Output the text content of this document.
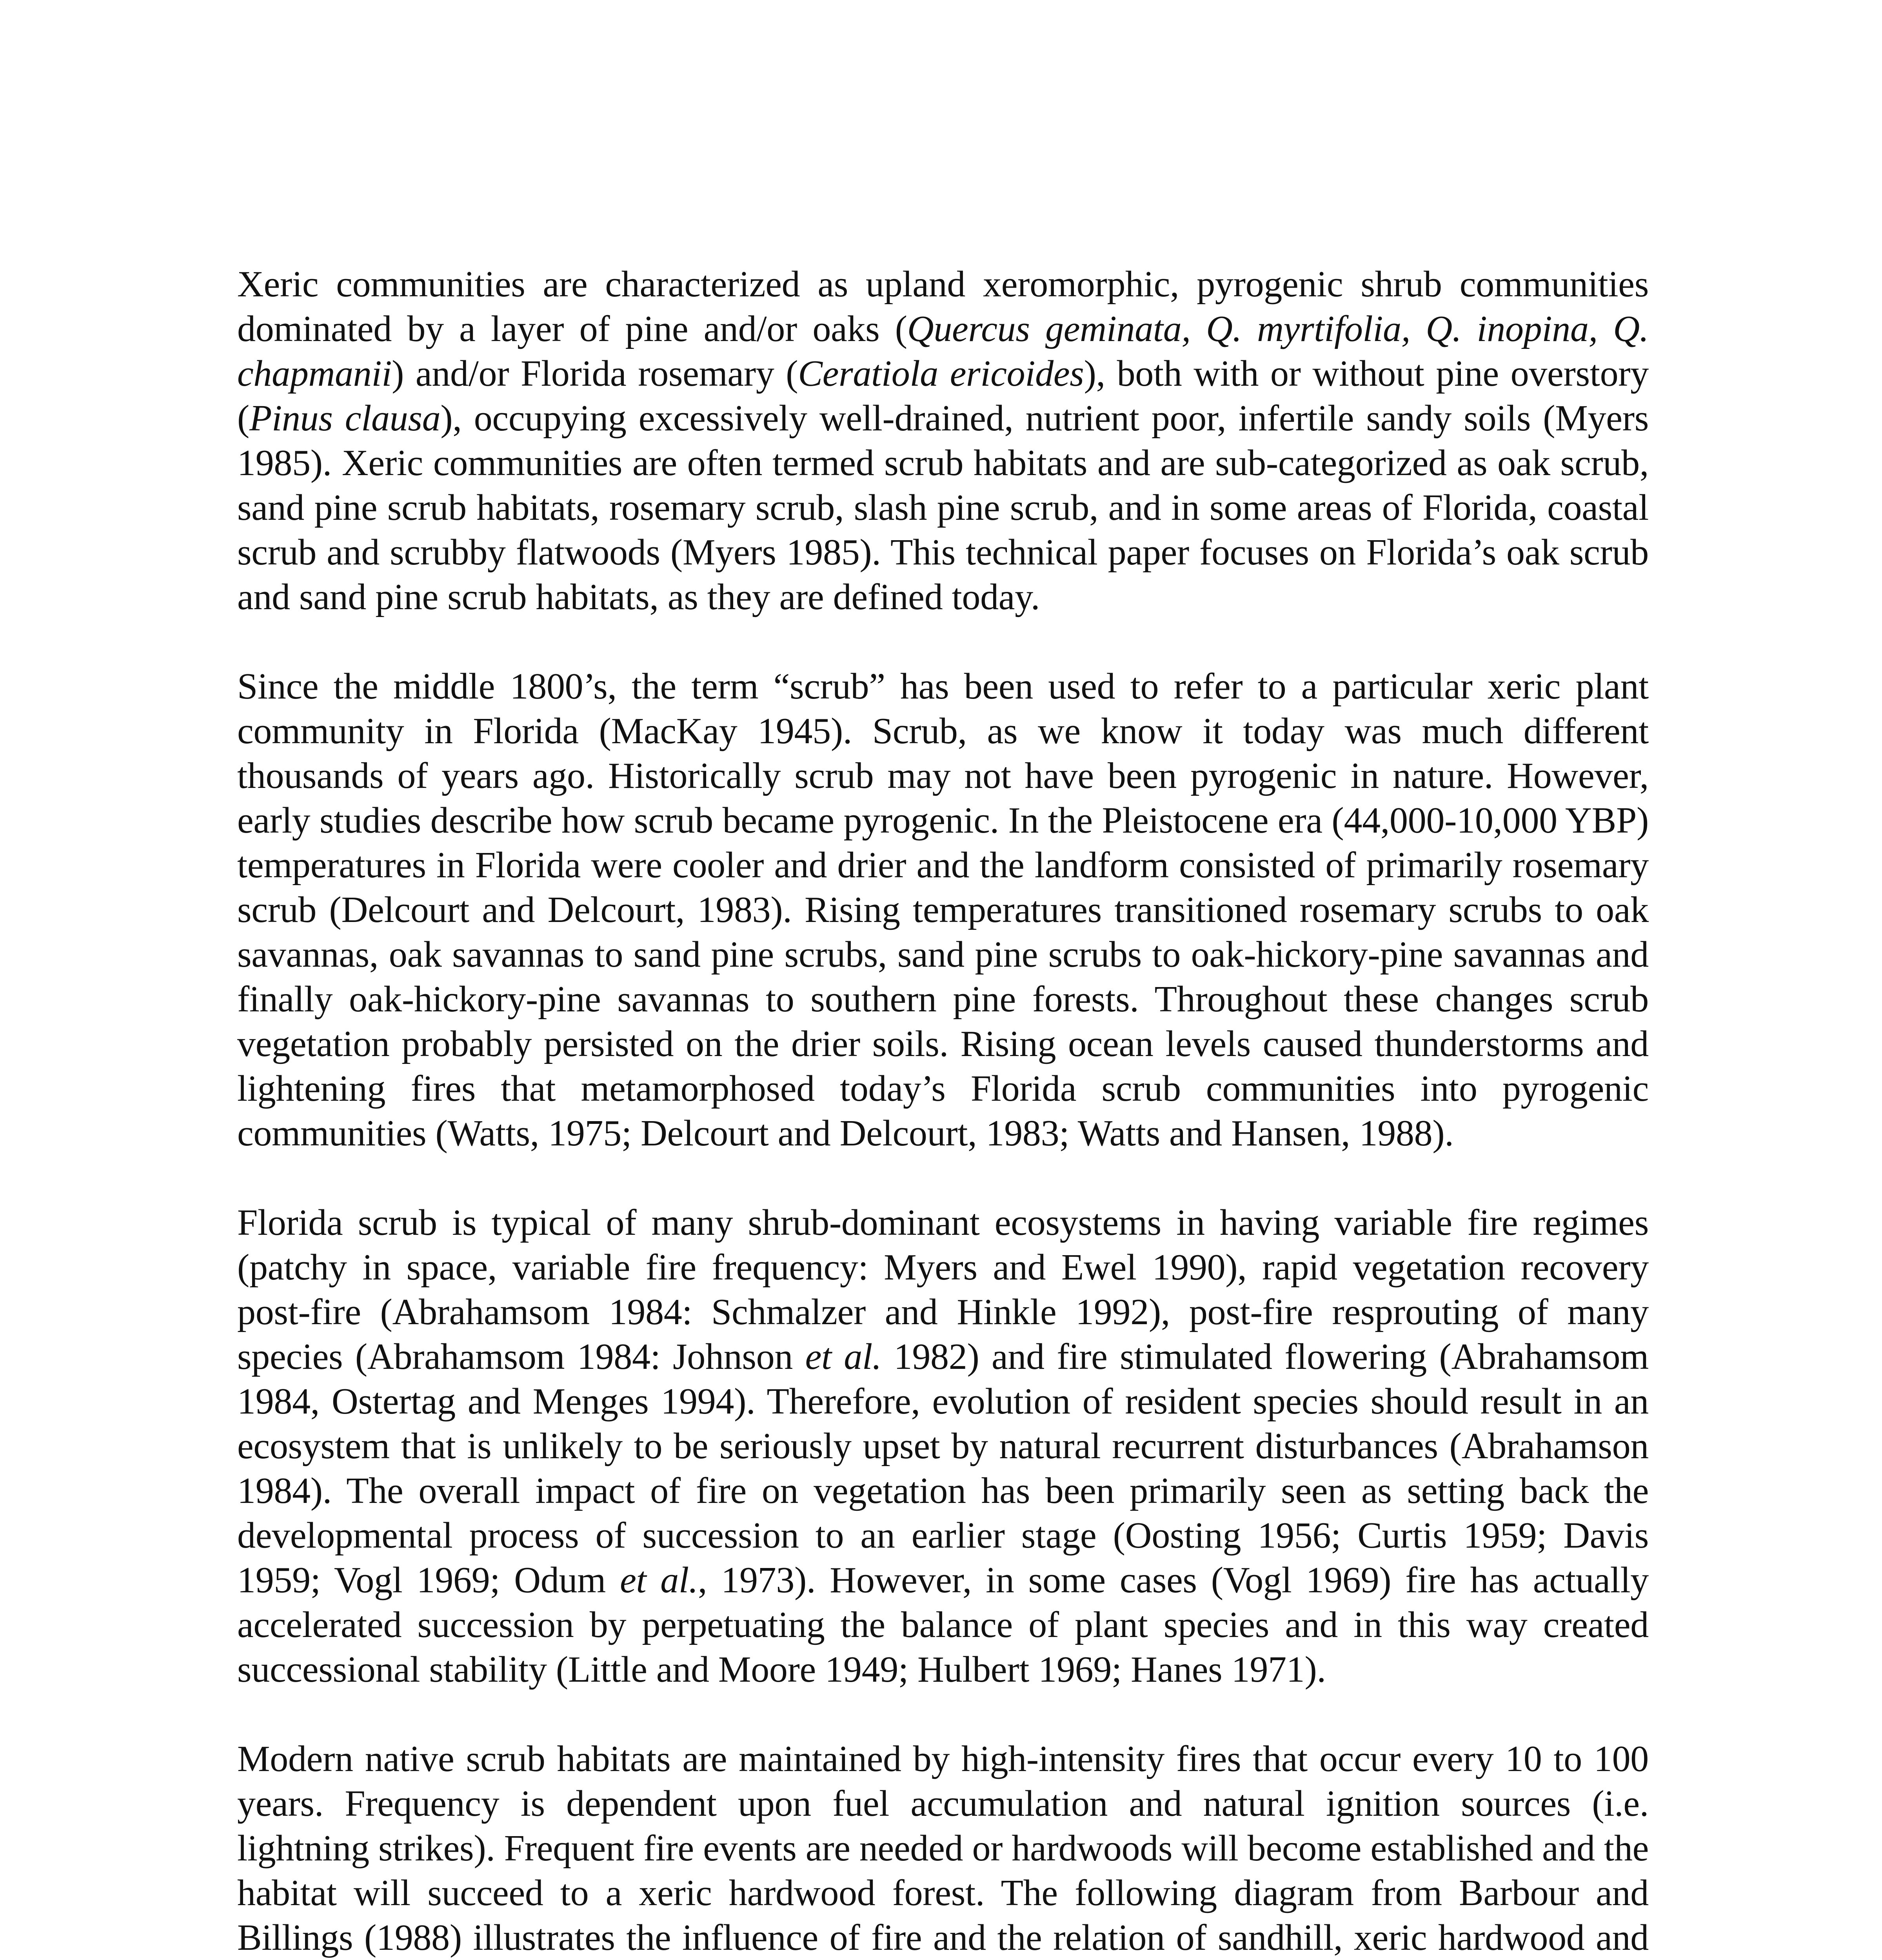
Xeric communities are characterized as upland xeromorphic, pyrogenic shrub communities dominated by a layer of pine and/or oaks (Quercus geminata, Q. myrtifolia, Q. inopina, Q. chapmanii) and/or Florida rosemary (Ceratiola ericoides), both with or without pine overstory (Pinus clausa), occupying excessively well-drained, nutrient poor, infertile sandy soils (Myers 1985). Xeric communities are often termed scrub habitats and are sub-categorized as oak scrub, sand pine scrub habitats, rosemary scrub, slash pine scrub, and in some areas of Florida, coastal scrub and scrubby flatwoods (Myers 1985). This technical paper focuses on Florida’s oak scrub and sand pine scrub habitats, as they are defined today.

Since the middle 1800’s, the term “scrub” has been used to refer to a particular xeric plant community in Florida (MacKay 1945). Scrub, as we know it today was much different thousands of years ago. Historically scrub may not have been pyrogenic in nature. However, early studies describe how scrub became pyrogenic. In the Pleistocene era (44,000-10,000 YBP) temperatures in Florida were cooler and drier and the landform consisted of primarily rosemary scrub (Delcourt and Delcourt, 1983). Rising temperatures transitioned rosemary scrubs to oak savannas, oak savannas to sand pine scrubs, sand pine scrubs to oak-hickory-pine savannas and finally oak-hickory-pine savannas to southern pine forests. Throughout these changes scrub vegetation probably persisted on the drier soils. Rising ocean levels caused thunderstorms and lightening fires that metamorphosed today’s Florida scrub communities into pyrogenic communities (Watts, 1975; Delcourt and Delcourt, 1983; Watts and Hansen, 1988).

Florida scrub is typical of many shrub-dominant ecosystems in having variable fire regimes (patchy in space, variable fire frequency: Myers and Ewel 1990), rapid vegetation recovery post-fire (Abrahamsom 1984: Schmalzer and Hinkle 1992), post-fire resprouting of many species (Abrahamsom 1984: Johnson et al. 1982) and fire stimulated flowering (Abrahamsom 1984, Ostertag and Menges 1994). Therefore, evolution of resident species should result in an ecosystem that is unlikely to be seriously upset by natural recurrent disturbances (Abrahamson 1984). The overall impact of fire on vegetation has been primarily seen as setting back the developmental process of succession to an earlier stage (Oosting 1956; Curtis 1959; Davis 1959; Vogl 1969; Odum et al., 1973). However, in some cases (Vogl 1969) fire has actually accelerated succession by perpetuating the balance of plant species and in this way created successional stability (Little and Moore 1949; Hulbert 1969; Hanes 1971).

Modern native scrub habitats are maintained by high-intensity fires that occur every 10 to 100 years. Frequency is dependent upon fuel accumulation and natural ignition sources (i.e. lightning strikes). Frequent fire events are needed or hardwoods will become established and the habitat will succeed to a xeric hardwood forest. The following diagram from Barbour and Billings (1988) illustrates the influence of fire and the relation of sandhill, xeric hardwood and
